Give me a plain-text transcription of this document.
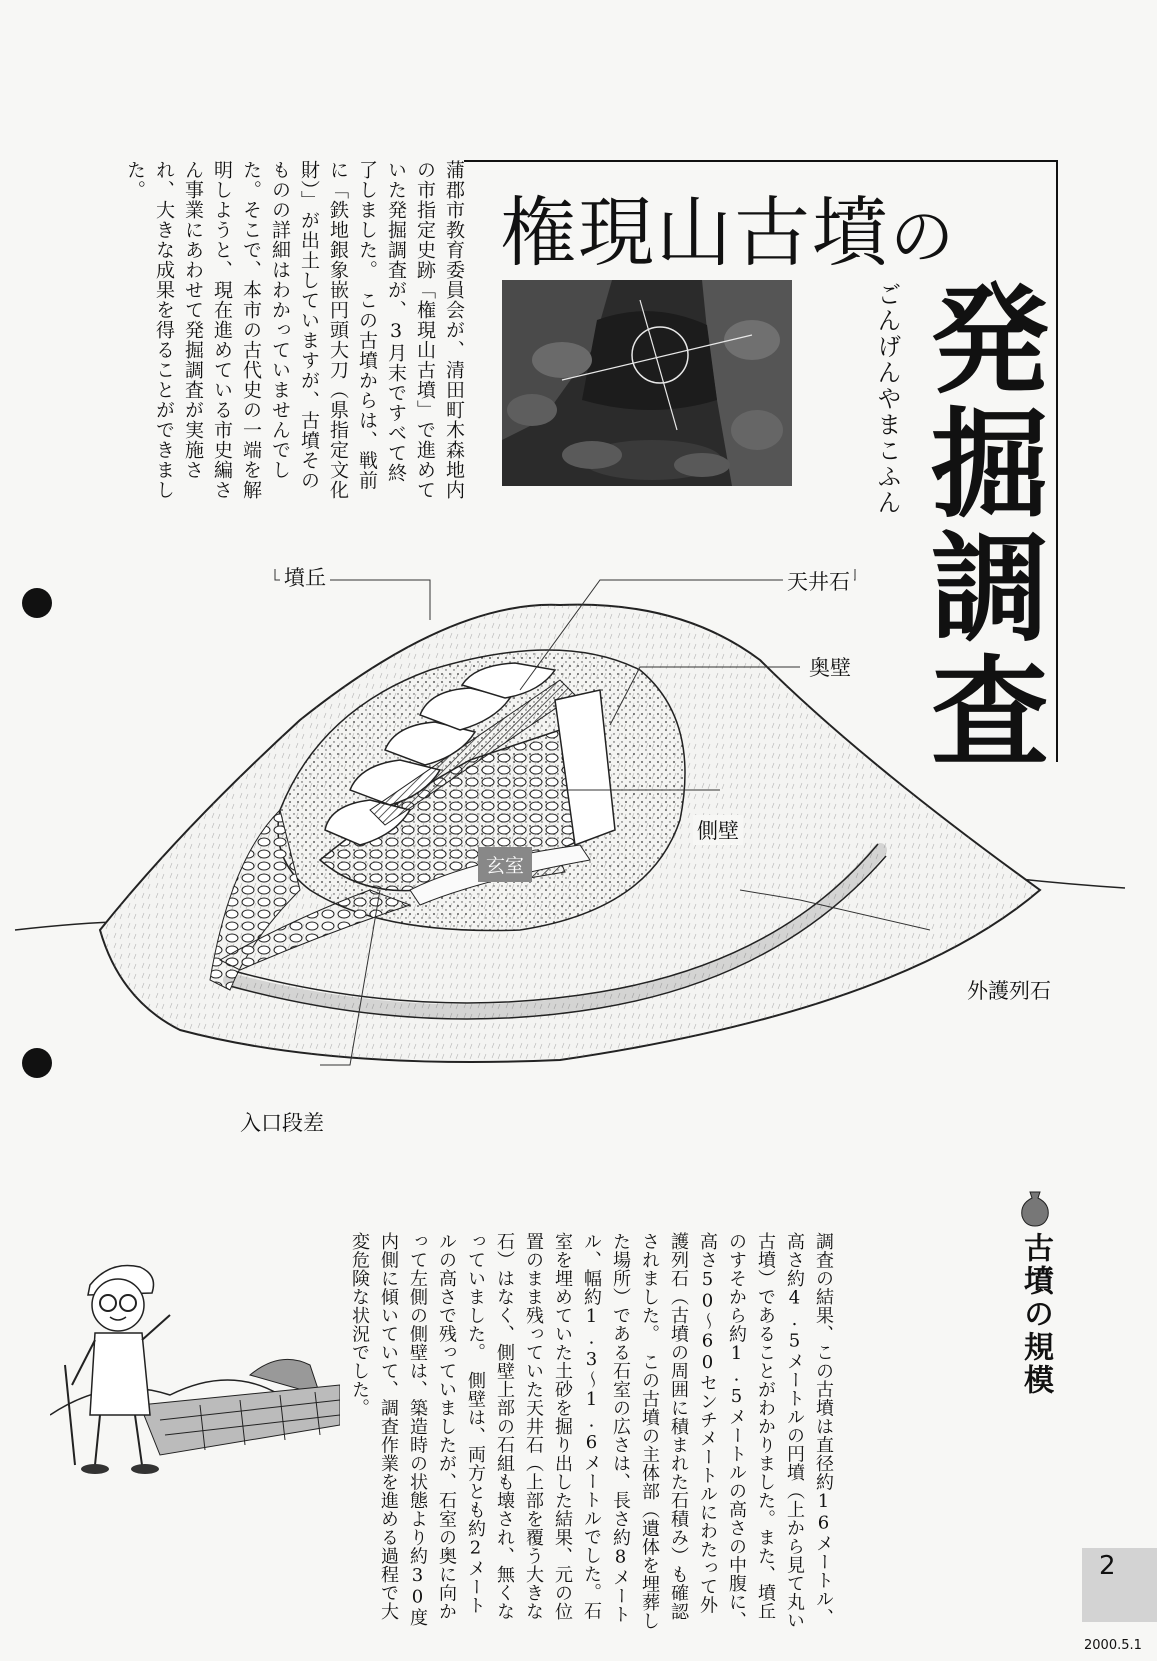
権現山古墳の
ごんげんやまこふん 発掘調査
蒲郡市教育委員会が、清田町木森地内の市指定史跡「権現山古墳」で進めていた発掘調査が、3月末ですべて終了しました。　この古墳からは、戦前に「鉄地銀象嵌円頭大刀（県指定文化財）」が出土していますが、古墳そのものの詳細はわかっていませんでした。そこで、本市の古代史の一端を解明しようと、現在進めている市史編さん事業にあわせて発掘調査が実施され、大きな成果を得ることができました。
墳丘	天井石
奥壁
側壁
玄室
外護列石
入口段差
古墳の規模
調査の結果、この古墳は直径約16メートル、高さ約4.5メートルの円墳（上から見て丸い古墳）であることがわかりました。また、墳丘のすそから約1.5メートルの高さの中腹に、高さ50〜60センチメートルにわたって外護列石（古墳の周囲に積まれた石積み）も確認されました。　この古墳の主体部（遺体を埋葬した場所）である石室の広さは、長さ約8メートル、幅約1.3〜1.6メートルでした。石室を埋めていた土砂を掘り出した結果、元の位置のまま残っていた天井石（上部を覆う大きな石）はなく、側壁上部の石組も壊され、無くなっていました。　側壁は、両方とも約2メートルの高さで残っていましたが、石室の奥に向かって左側の側壁は、築造時の状態より約30度内側に傾いていて、調査作業を進める過程で大変危険な状況でした。
2
2000.5.1
